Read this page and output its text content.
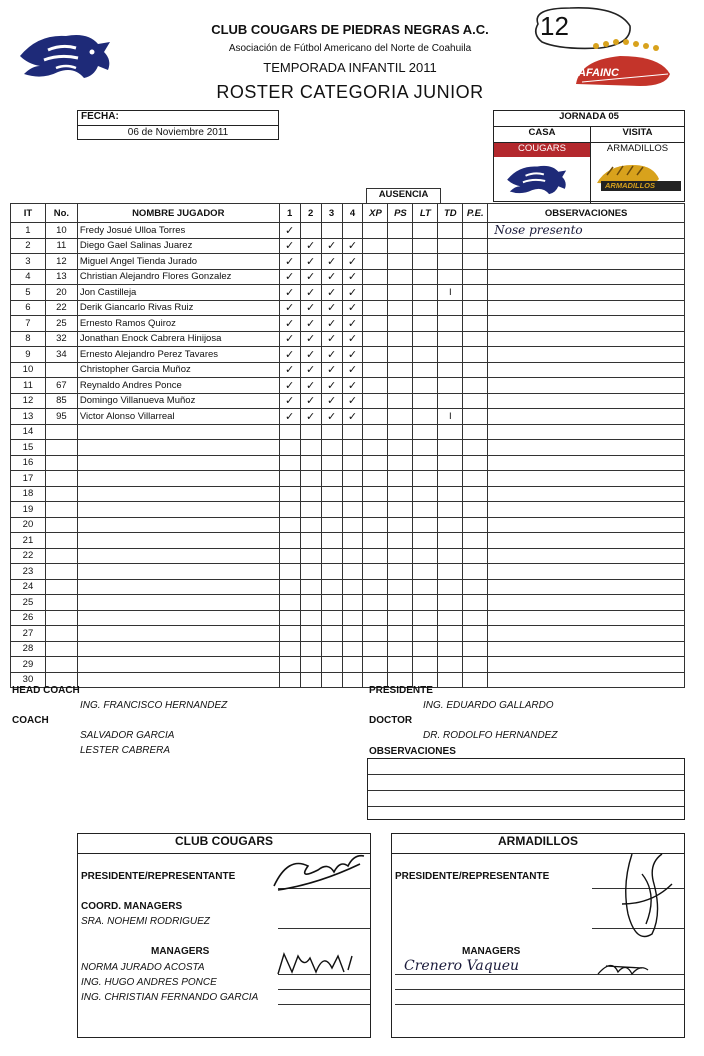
CLUB COUGARS DE PIEDRAS NEGRAS A.C.
Asociación de Fútbol Americano del Norte de Coahuila
TEMPORADA INFANTIL 2011
ROSTER CATEGORIA JUNIOR
12
AFAINC
FECHA:
06 de Noviembre 2011
JORNADA 05
CASA	VISITA
COUGARS	ARMADILLOS
ARMADILLOS
AUSENCIA
IT	No.	NOMBRE JUGADOR	1	2	3	4	XP	PS	LT	TD	P.E.	OBSERVACIONES
1	10	Fredy Josué Ulloa Torres	✓									Nose presento
2	11	Diego Gael Salinas Juarez	✓	✓	✓	✓						
3	12	Miguel Angel Tienda Jurado	✓	✓	✓	✓						
4	13	Christian Alejandro Flores Gonzalez	✓	✓	✓	✓						
5	20	Jon Castilleja	✓	✓	✓	✓				I		
6	22	Derik Giancarlo Rivas Ruiz	✓	✓	✓	✓						
7	25	Ernesto Ramos Quiroz	✓	✓	✓	✓						
8	32	Jonathan Enock Cabrera Hinijosa	✓	✓	✓	✓						
9	34	Ernesto Alejandro Perez Tavares	✓	✓	✓	✓						
10		Christopher Garcia Muñoz	✓	✓	✓	✓						
11	67	Reynaldo Andres Ponce	✓	✓	✓	✓						
12	85	Domingo Villanueva Muñoz	✓	✓	✓	✓						
13	95	Victor Alonso Villarreal	✓	✓	✓	✓				I		
14												
15												
16												
17												
18												
19												
20												
21												
22												
23												
24												
25												
26												
27												
28												
29												
30												
HEAD COACH
ING. FRANCISCO HERNANDEZ
COACH
SALVADOR GARCIA
LESTER CABRERA
PRESIDENTE
ING. EDUARDO GALLARDO
DOCTOR
DR. RODOLFO HERNANDEZ
OBSERVACIONES
CLUB COUGARS
PRESIDENTE/REPRESENTANTE
COORD. MANAGERS
SRA. NOHEMI RODRIGUEZ
MANAGERS
NORMA JURADO ACOSTA
ING. HUGO ANDRES PONCE
ING. CHRISTIAN FERNANDO GARCIA
ARMADILLOS
PRESIDENTE/REPRESENTANTE
MANAGERS
Crenero Vaqueu
